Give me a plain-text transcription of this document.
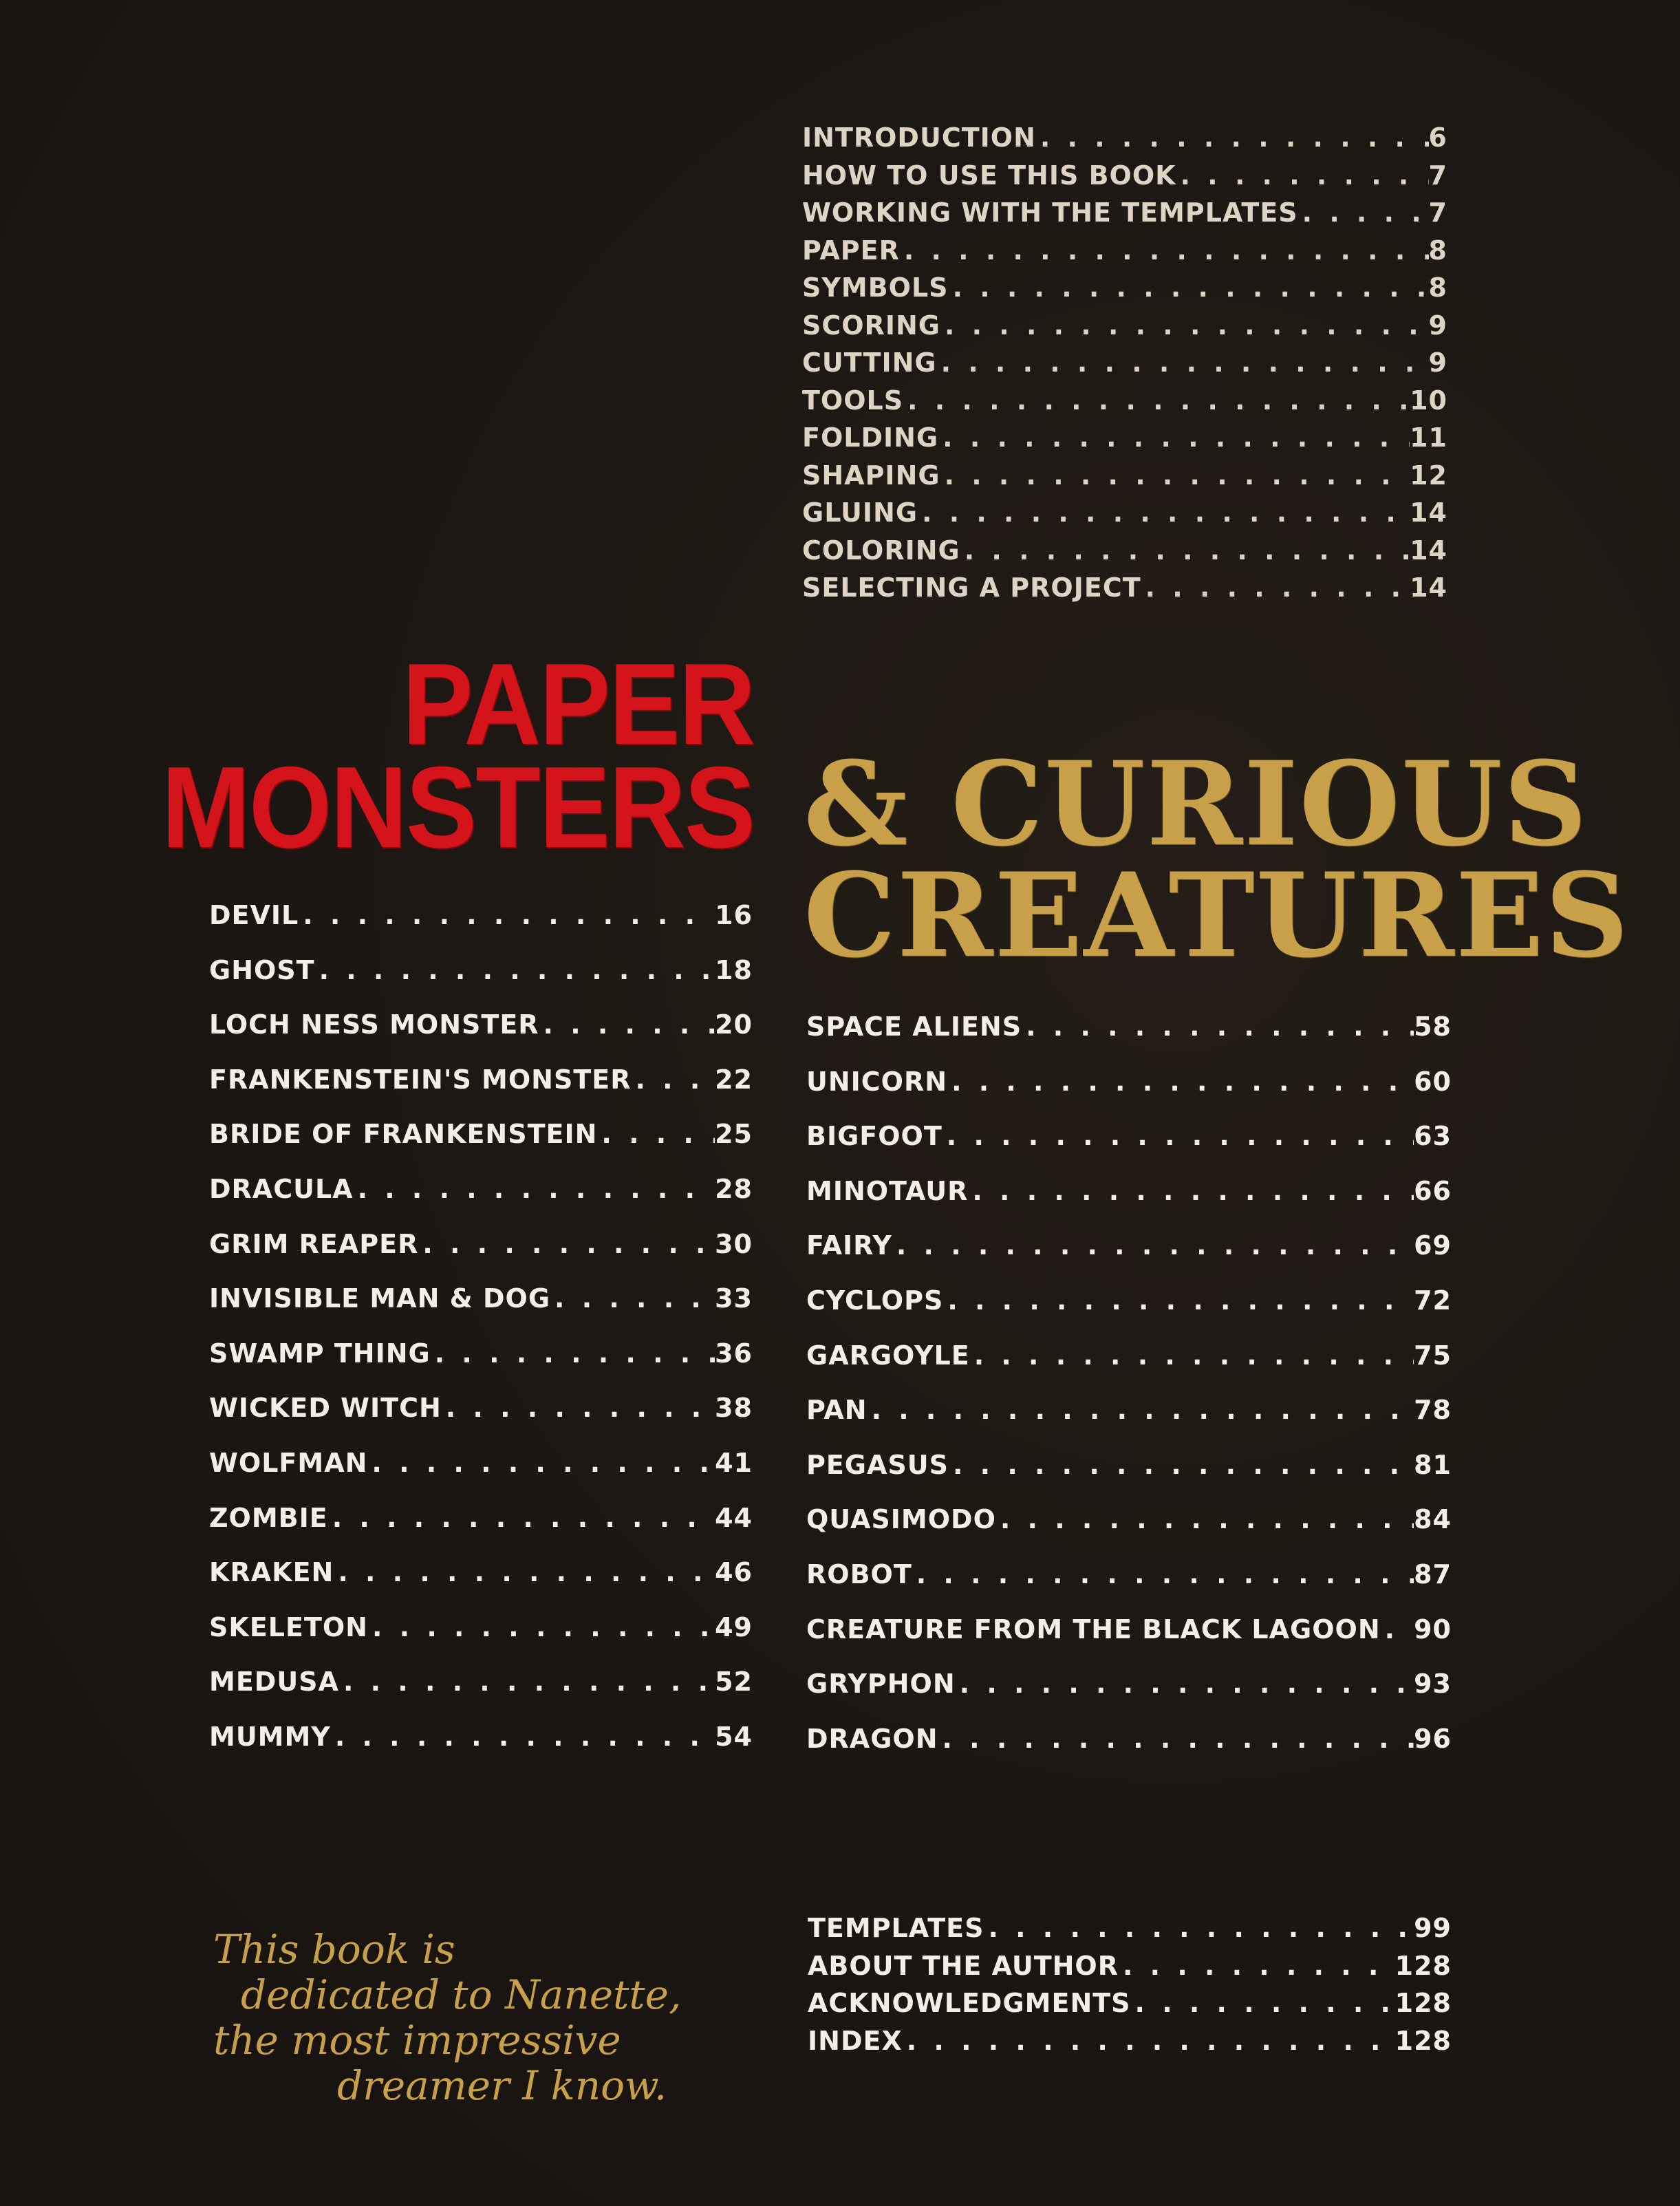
INTRODUCTION . . .	6
HOW TO USE THIS BOOK . . .	7
WORKING WITH THE TEMPLATES . . .	7
PAPER . . .	8
SYMBOLS . . .	8
SCORING . . .	9
CUTTING . . .	9
TOOLS . . .	10
FOLDING . . .	11
SHAPING . . .	12
GLUING . . .	14
COLORING . . .	14
SELECTING A PROJECT . . .	14
PAPER
MONSTERS & CURIOUS
CREATURES
DEVIL . . .	16
GHOST . . .	18
LOCH NESS MONSTER . . .	20
FRANKENSTEIN'S MONSTER . . .	22
BRIDE OF FRANKENSTEIN . . .	25
DRACULA . . .	28
GRIM REAPER . . .	30
INVISIBLE MAN & DOG . . .	33
SWAMP THING . . .	36
WICKED WITCH . . .	38
WOLFMAN . . .	41
ZOMBIE . . .	44
KRAKEN . . .	46
SKELETON . . .	49
MEDUSA . . .	52
MUMMY . . .	54
SPACE ALIENS . . .	58
UNICORN . . .	60
BIGFOOT . . .	63
MINOTAUR . . .	66
FAIRY . . .	69
CYCLOPS . . .	72
GARGOYLE . . .	75
PAN . . .	78
PEGASUS . . .	81
QUASIMODO . . .	84
ROBOT . . .	87
CREATURE FROM THE BLACK LAGOON . . . 90
GRYPHON . . .	93
DRAGON . . .	96
TEMPLATES . . .	99
ABOUT THE AUTHOR . . .	128
ACKNOWLEDGMENTS . . .	128
INDEX . . .	128

This book is
dedicated to Nanette,
the most impressive
dreamer I know.
